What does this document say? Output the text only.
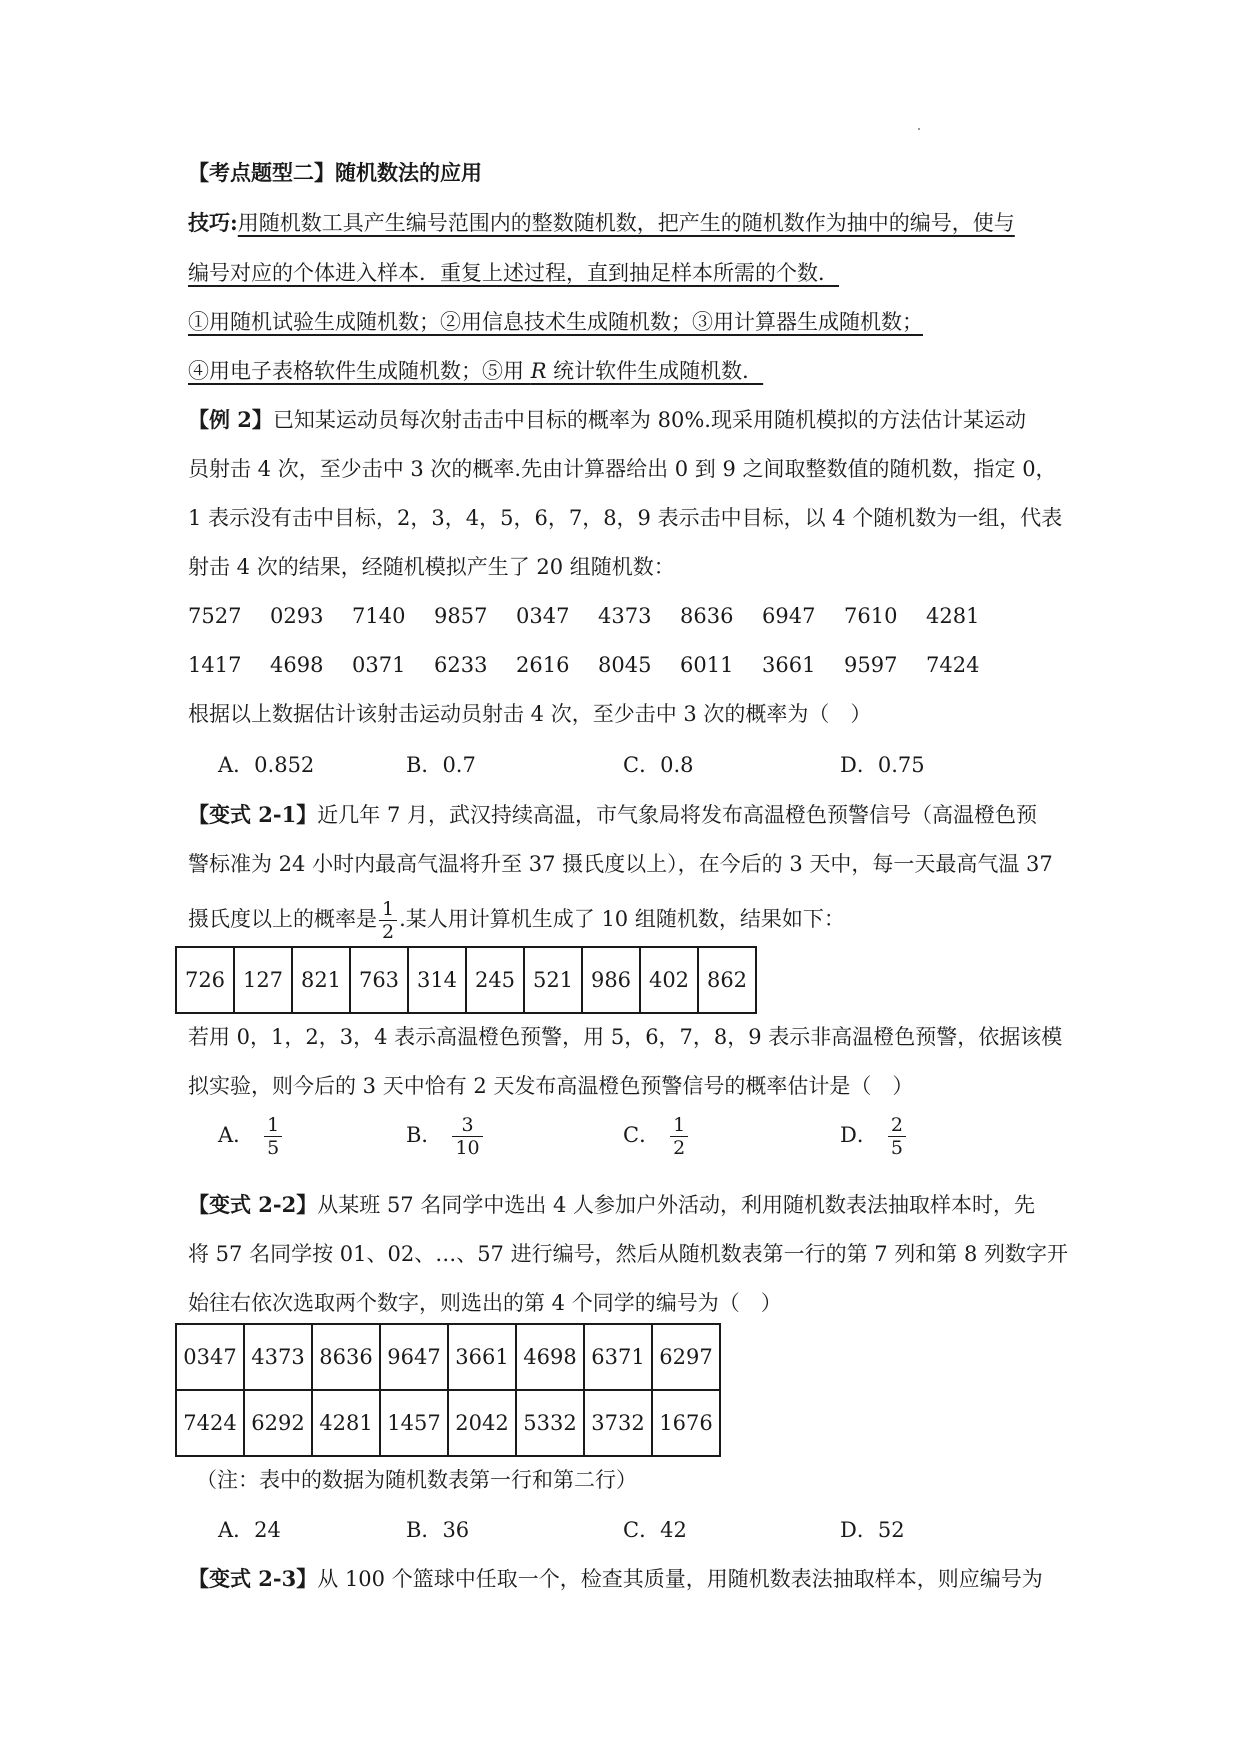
【考点题型二】随机数法的应用
技巧:用随机数工具产生编号范围内的整数随机数，把产生的随机数作为抽中的编号，使与
编号对应的个体进入样本．重复上述过程，直到抽足样本所需的个数．
①用随机试验生成随机数；②用信息技术生成随机数；③用计算器生成随机数；
④用电子表格软件生成随机数；⑤用 R 统计软件生成随机数．
【例 2】已知某运动员每次射击击中目标的概率为 80%.现采用随机模拟的方法估计某运动
员射击 4 次，至少击中 3 次的概率.先由计算器给出 0 到 9 之间取整数值的随机数，指定 0，
1 表示没有击中目标，2，3，4，5，6，7，8，9 表示击中目标，以 4 个随机数为一组，代表
射击 4 次的结果，经随机模拟产生了 20 组随机数：
7527 0293 7140 9857 0347 4373 8636 6947 7610 4281
1417 4698 0371 6233 2616 8045 6011 3661 9597 7424
根据以上数据估计该射击运动员射击 4 次，至少击中 3 次的概率为（　）
A．0.852	B．0.7	C．0.8	D．0.75
【变式 2-1】近几年 7 月，武汉持续高温，市气象局将发布高温橙色预警信号（高温橙色预
警标准为 24 小时内最高气温将升至 37 摄氏度以上），在今后的 3 天中，每一天最高气温 37
摄氏度以上的概率是 $\frac{1}{2}$ .某人用计算机生成了 10 组随机数，结果如下：
726	127	821	763	314	245	521	986	402	862
若用 0，1，2，3，4 表示高温橙色预警，用 5，6，7，8，9 表示非高温橙色预警，依据该模
拟实验，则今后的 3 天中恰有 2 天发布高温橙色预警信号的概率估计是（　）
A． $\frac{1}{5}$	B． $\frac{3}{10}$	C． $\frac{1}{2}$	D． $\frac{2}{5}$
【变式 2-2】从某班 57 名同学中选出 4 人参加户外活动，利用随机数表法抽取样本时，先
将 57 名同学按 01、02、…、57 进行编号，然后从随机数表第一行的第 7 列和第 8 列数字开
始往右依次选取两个数字，则选出的第 4 个同学的编号为（　）
0347	4373	8636	9647	3661	4698	6371	6297
7424	6292	4281	1457	2042	5332	3732	1676
（注：表中的数据为随机数表第一行和第二行）
A．24	B．36	C．42	D．52
【变式 2-3】从 100 个篮球中任取一个，检查其质量，用随机数表法抽取样本，则应编号为
